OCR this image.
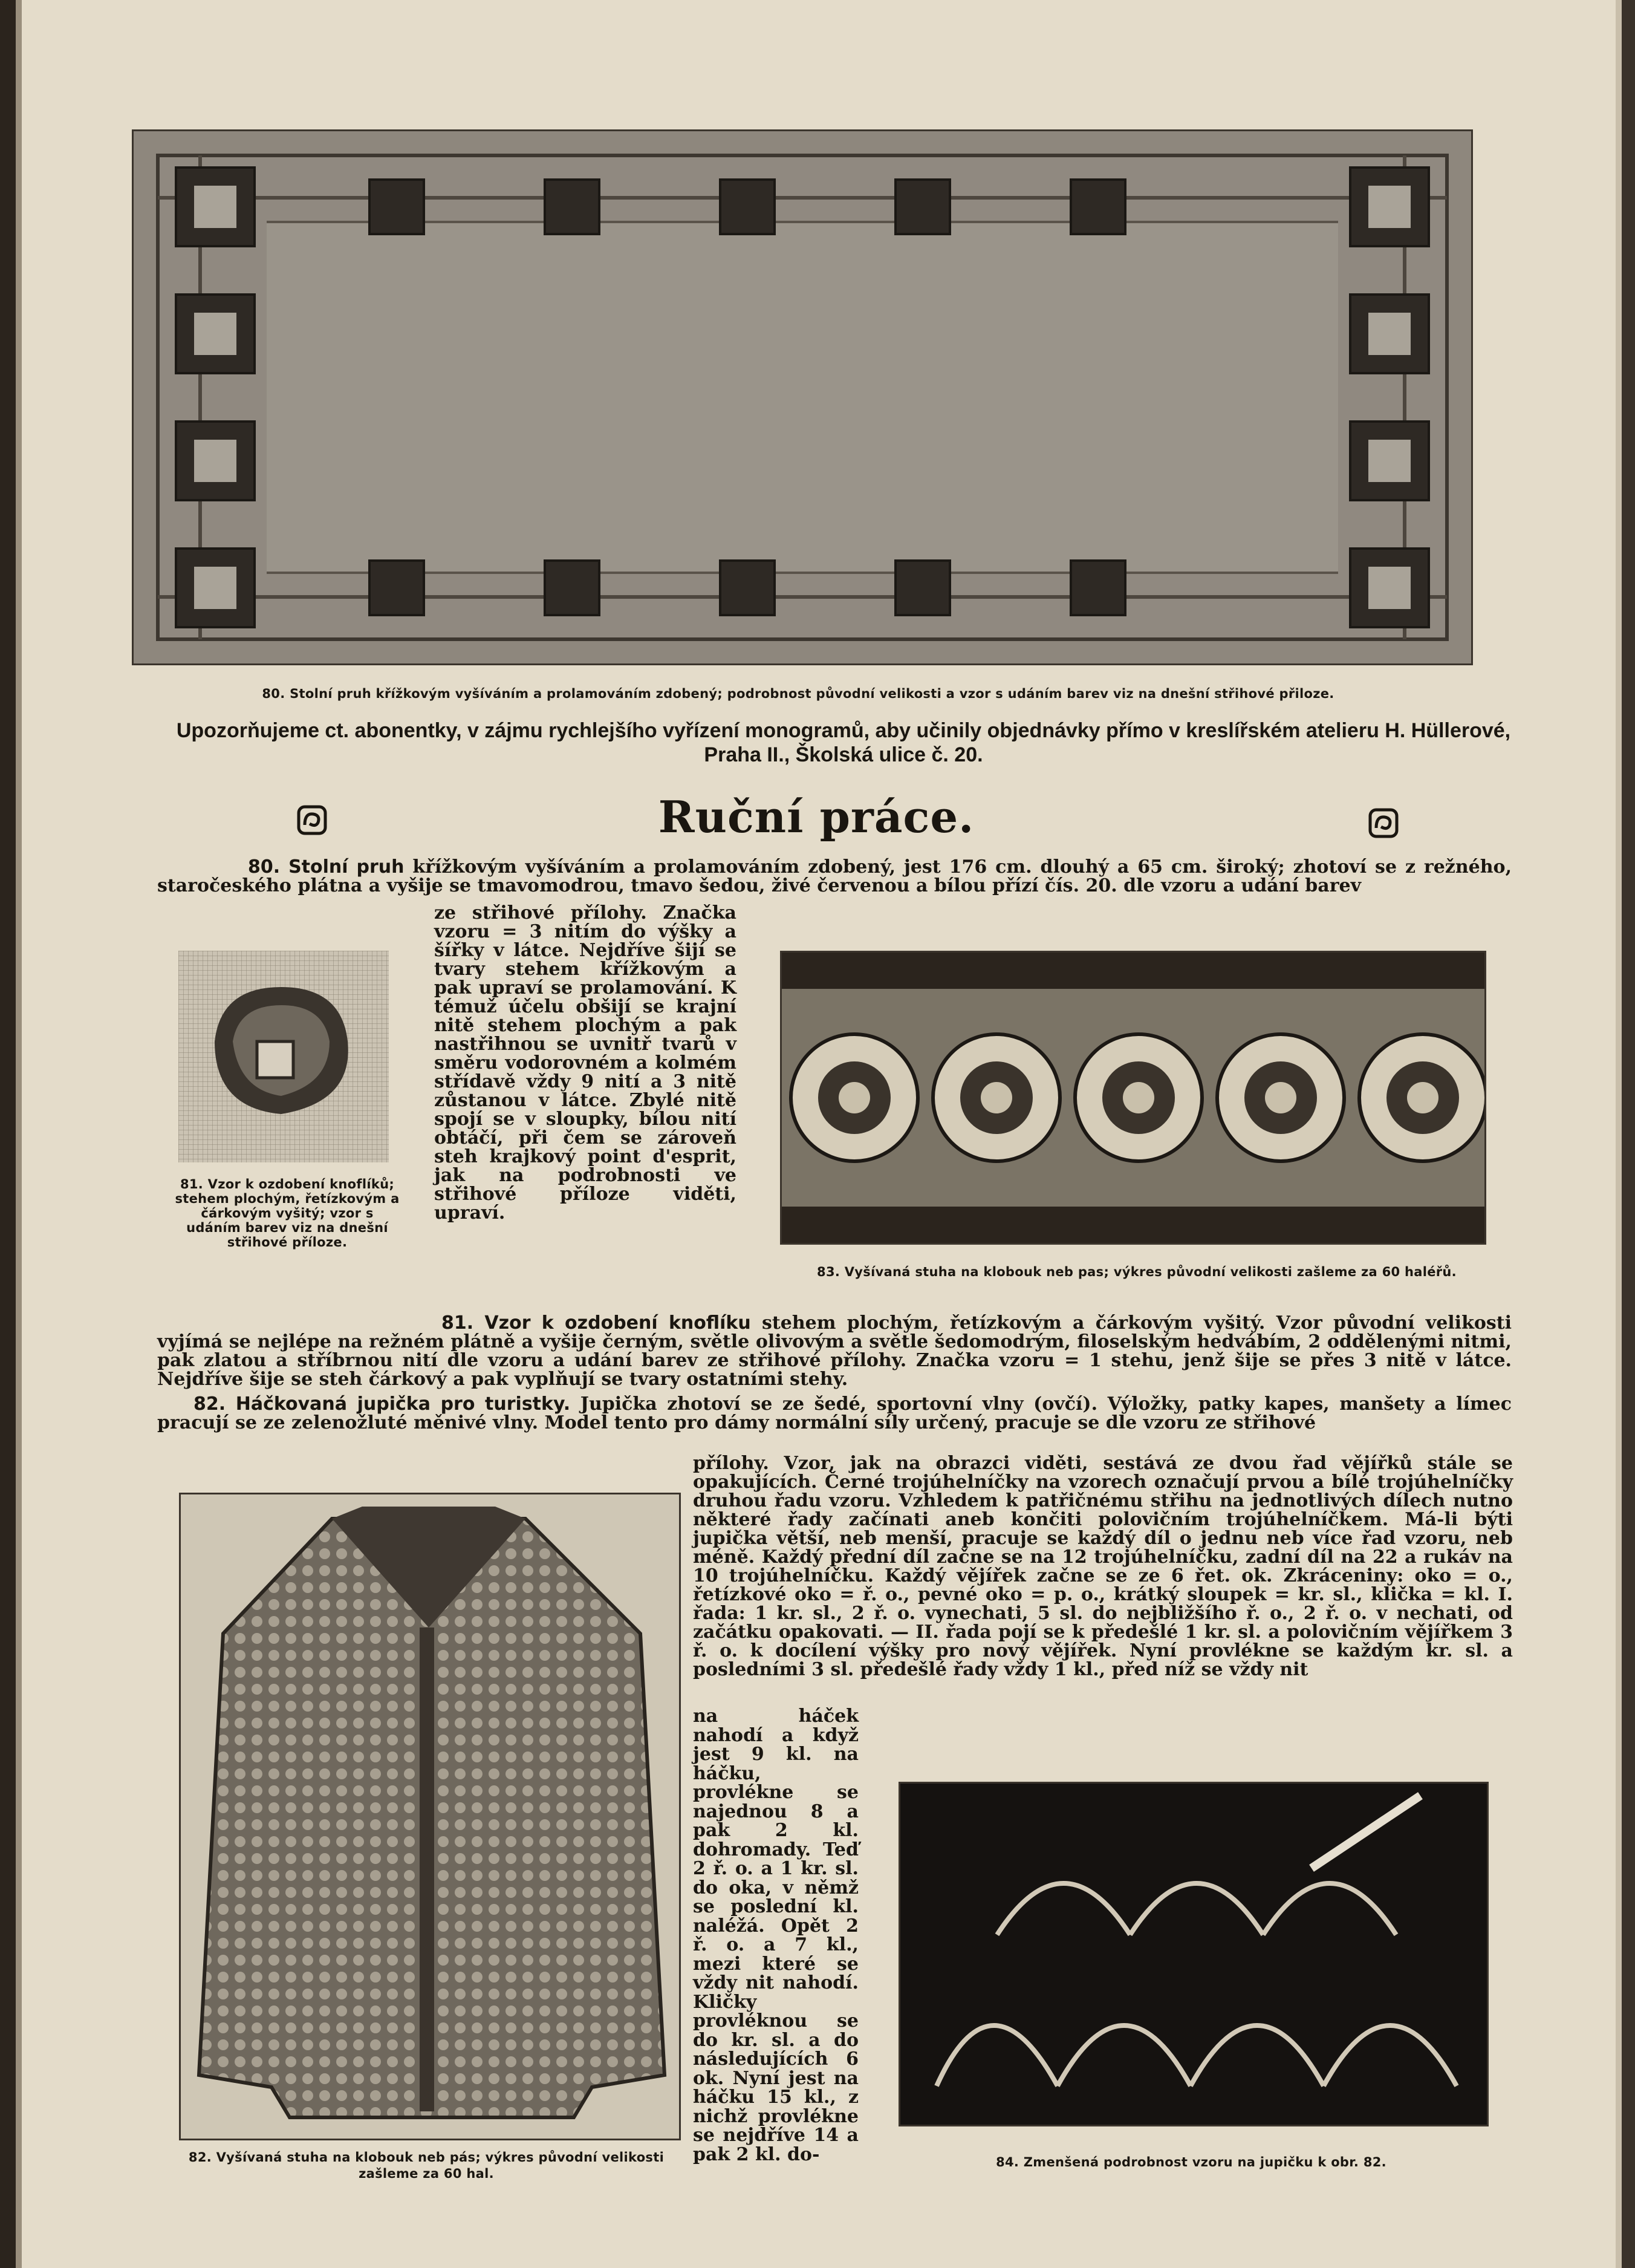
80. Stolní pruh křížkovým vyšíváním a prolamováním zdobený; podrobnost původní velikosti a vzor s udáním barev viz na dnešní střihové přiloze.
Upozorňujeme ct. abonentky, v zájmu rychlejšího vyřízení monogramů, aby učinily objednávky přímo v kreslířském atelieru H. Hüllerové, Praha II., Školská ulice č. 20.
Ruční práce.
80. Stolní pruh křížkovým vyšíváním a prolamováním zdobený, jest 176 cm. dlouhý a 65 cm. široký; zhotoví se z režného, staročeského plátna a vyšije se tmavomodrou, tmavo šedou, živé červenou a bílou přízí čís. 20. dle vzoru a udání barev
ze střihové přílohy. Značka vzoru = 3 nitím do výšky a šířky v látce. Nejdříve šijí se tvary stehem křížkovým a pak upraví se prolamování. K témuž účelu obšijí se krajní nitě stehem plochým a pak nastřihnou se uvnitř tvarů v směru vodorovném a kolmém střídavě vždy 9 nití a 3 nitě zůstanou v látce. Zbylé nitě spojí se v sloupky, bílou nití obtáčí, při čem se zároveň steh krajkový point d'esprit, jak na podrobnosti ve střihové příloze viděti, upraví.
81. Vzor k ozdobení knoflíků; stehem plochým, řetízkovým a čárkovým vyšitý; vzor s udáním barev viz na dnešní střihové příloze.
83. Vyšívaná stuha na klobouk neb pas; výkres původní velikosti zašleme za 60 haléřů.
81. Vzor k ozdobení knoflíku stehem plochým, řetízkovým a čárkovým vyšitý. Vzor původní velikosti vyjímá se nejlépe na režném plátně a vyšije černým, světle olivovým a světle šedomodrým, filoselským hedvábím, 2 oddělenými nitmi, pak zlatou a stříbrnou nití dle vzoru a udání barev ze střihové přílohy. Značka vzoru = 1 stehu, jenž šije se přes 3 nitě v látce. Nejdříve šije se steh čárkový a pak vyplňují se tvary ostatními stehy.
82. Háčkovaná jupička pro turistky. Jupička zhotoví se ze šedé, sportovní vlny (ovčí). Výložky, patky kapes, manšety a límec pracují se ze zelenožluté měnivé vlny. Model tento pro dámy normální síly určený, pracuje se dle vzoru ze střihové
82. Vyšívaná stuha na klobouk neb pás; výkres původní velikosti zašleme za 60 hal.
přílohy. Vzor, jak na obrazci viděti, sestává ze dvou řad vějířků stále se opakujících. Černé trojúhelníčky na vzorech označují prvou a bílé trojúhelníčky druhou řadu vzoru. Vzhledem k patřičnému střihu na jednotlivých dílech nutno některé řady začínati aneb končiti polovičním trojúhelníčkem. Má-li býti jupička větší, neb menší, pracuje se každý díl o jednu neb více řad vzoru, neb méně. Každý přední díl začne se na 12 trojúhelníčku, zadní díl na 22 a rukáv na 10 trojúhelníčku. Každý vějířek začne se ze 6 řet. ok. Zkráceniny: oko = o., řetízkové oko = ř. o., pevné oko = p. o., krátký sloupek = kr. sl., klička = kl. I. řada: 1 kr. sl., 2 ř. o. vynechati, 5 sl. do nejbližšího ř. o., 2 ř. o. v nechati, od začátku opakovati. — II. řada pojí se k předešlé 1 kr. sl. a polovičním vějířkem 3 ř. o. k docílení výšky pro nový vějířek. Nyní provléknе se každým kr. sl. a posledními 3 sl. předešlé řady vždy 1 kl., před níž se vždy nit
na háček nahodí a když jest 9 kl. na háčku, provlékne se najednou 8 a pak 2 kl. dohromady. Teď 2 ř. o. a 1 kr. sl. do oka, v němž se poslední kl. naléžá. Opět 2 ř. o. a 7 kl., mezi které se vždy nit nahodí. Kličky provléknou se do kr. sl. a do následujících 6 ok. Nyní jest na háčku 15 kl., z nichž provlékne se nejdříve 14 a pak 2 kl. do-	84. Zmenšená podrobnost vzoru na jupičku k obr. 82.
